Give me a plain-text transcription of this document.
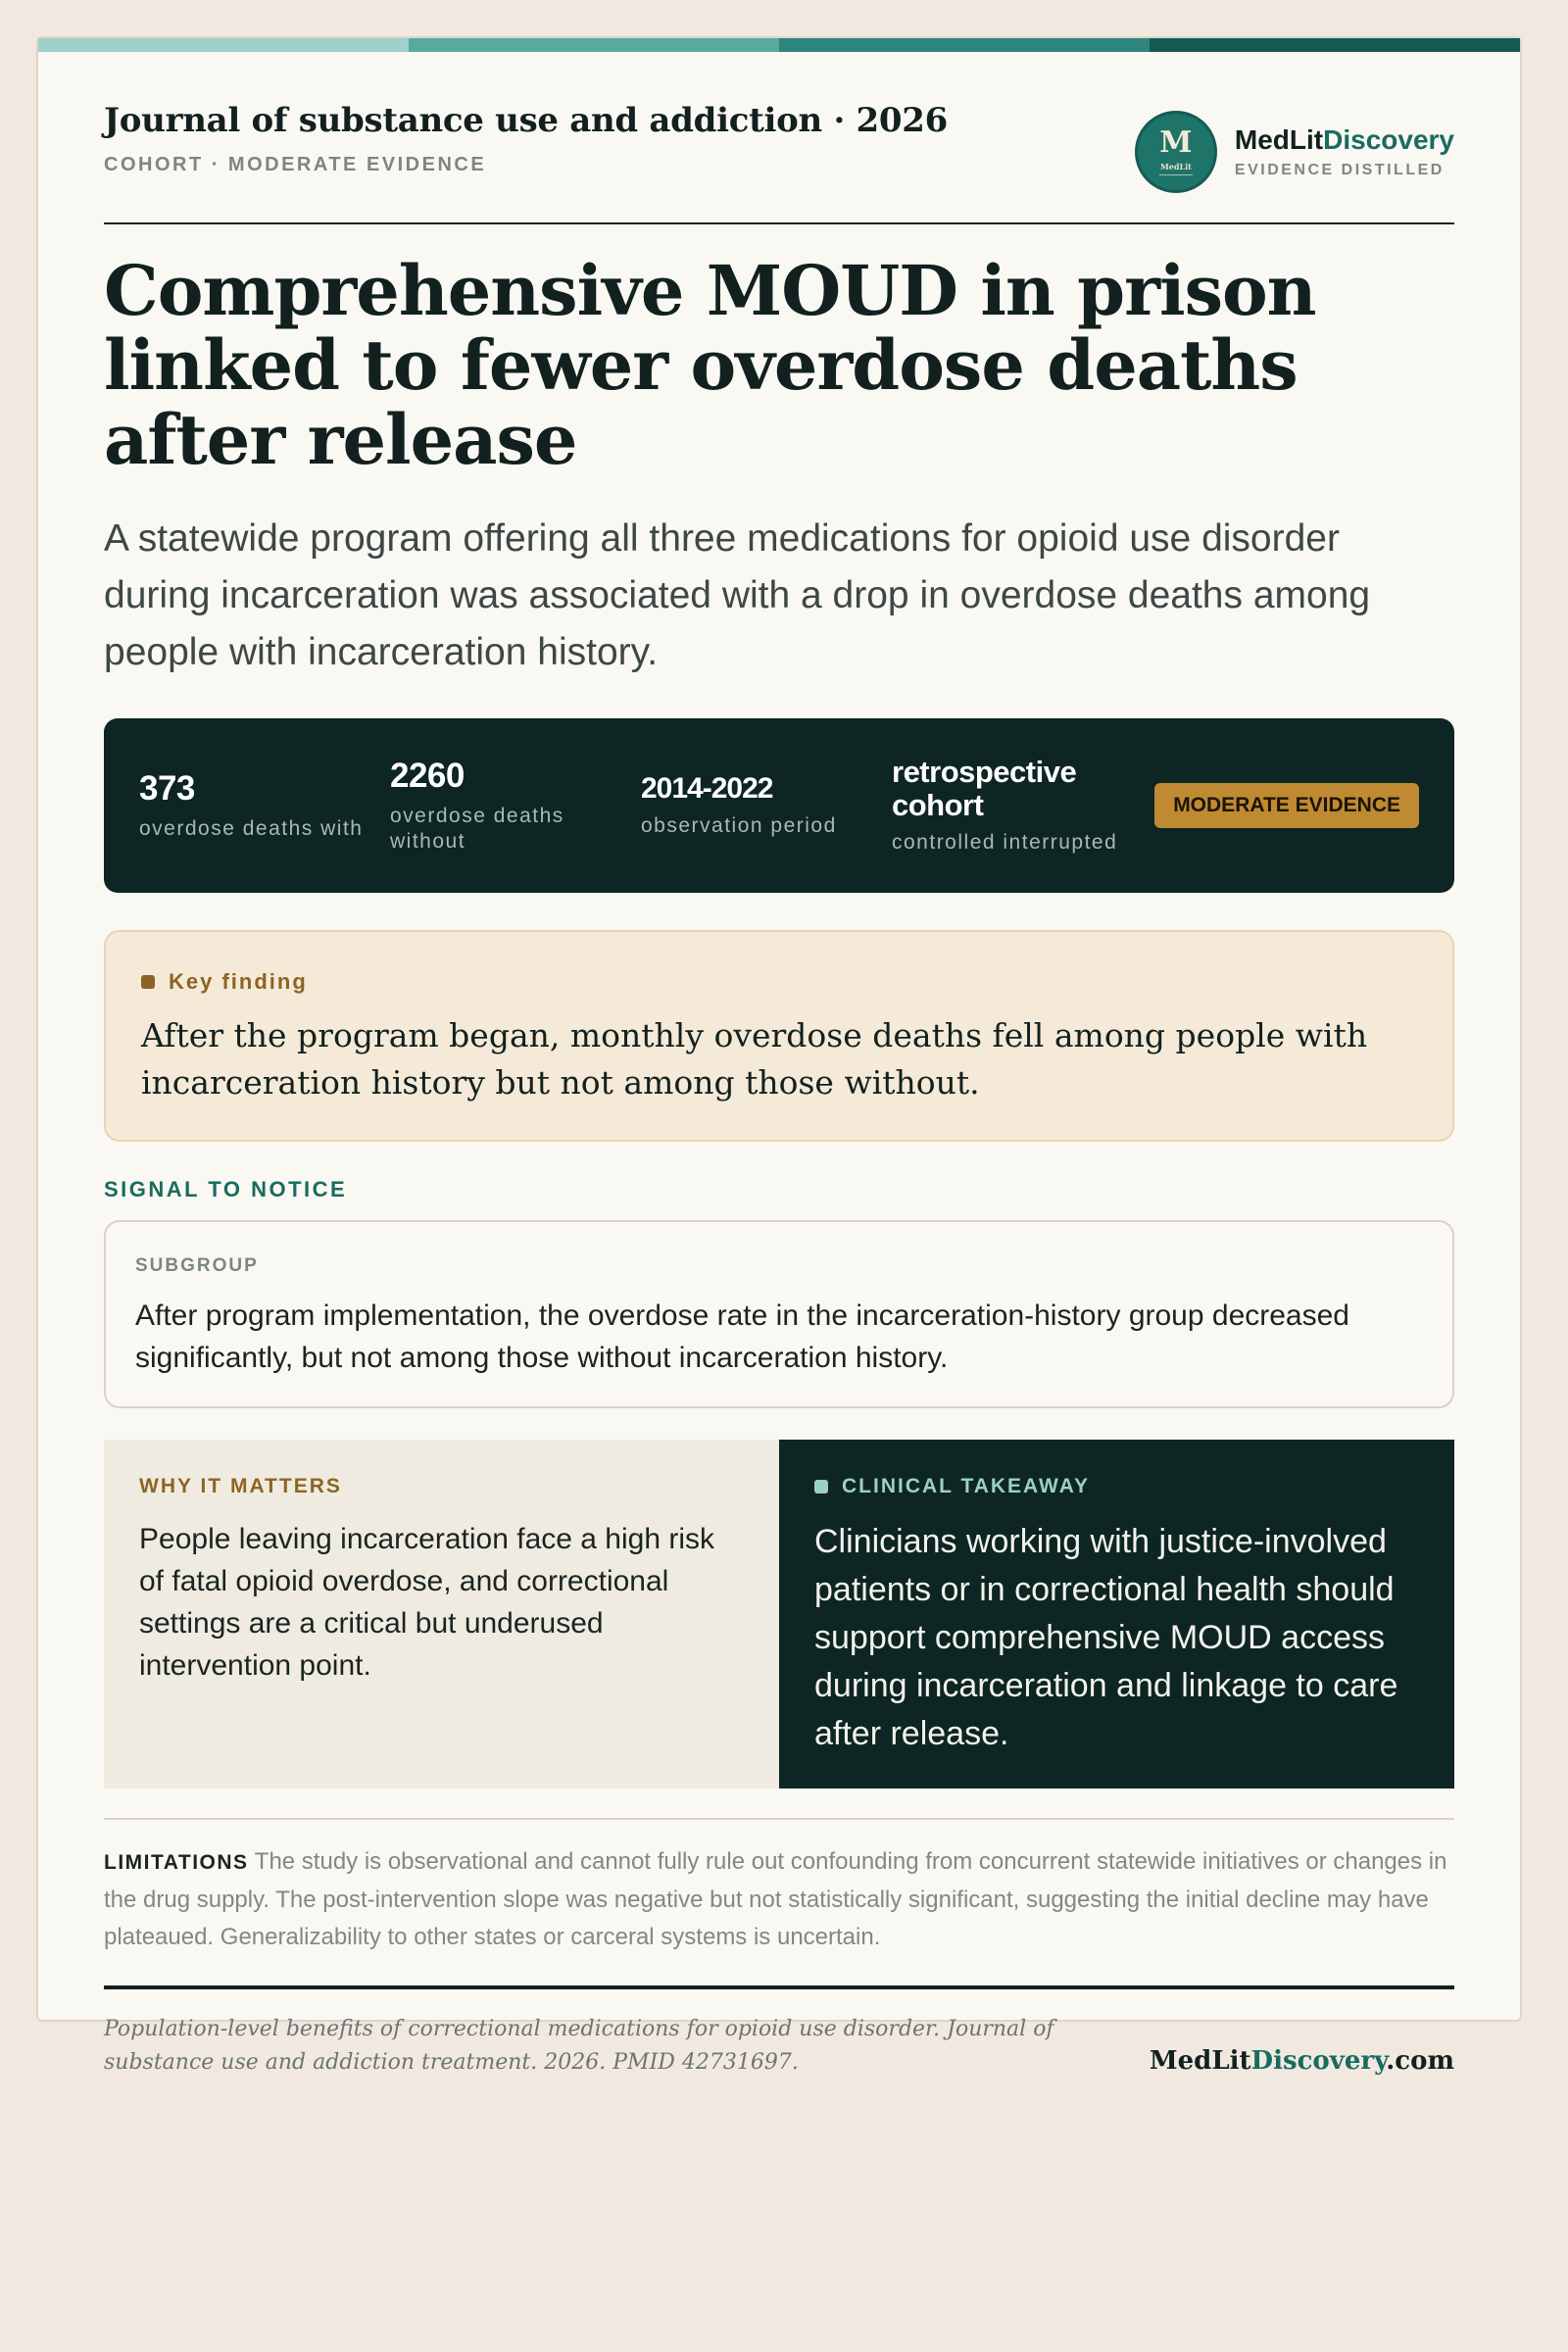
Journal of substance use and addiction · 2026
COHORT · MODERATE EVIDENCE
M
MedLit
MedLitDiscovery
EVIDENCE DISTILLED
Comprehensive MOUD in prison linked to fewer overdose deaths after release
A statewide program offering all three medications for opioid use disorder during incarceration was associated with a drop in overdose deaths among people with incarceration history.
373
overdose deaths with
2260
overdose deaths without
2014-2022
observation period
retrospective cohort
controlled interrupted
MODERATE EVIDENCE
Key finding
After the program began, monthly overdose deaths fell among people with incarceration history but not among those without.
SIGNAL TO NOTICE
SUBGROUP
After program implementation, the overdose rate in the incarceration-history group decreased significantly, but not among those without incarceration history.
WHY IT MATTERS
People leaving incarceration face a high risk of fatal opioid overdose, and correctional settings are a critical but underused intervention point.
CLINICAL TAKEAWAY
Clinicians working with justice-involved patients or in correctional health should support comprehensive MOUD access during incarceration and linkage to care after release.
LIMITATIONS The study is observational and cannot fully rule out confounding from concurrent statewide initiatives or changes in the drug supply. The post-intervention slope was negative but not statistically significant, suggesting the initial decline may have plateaued. Generalizability to other states or carceral systems is uncertain.
Population-level benefits of correctional medications for opioid use disorder. Journal of substance use and addiction treatment. 2026. PMID 42731697.	MedLitDiscovery.com
